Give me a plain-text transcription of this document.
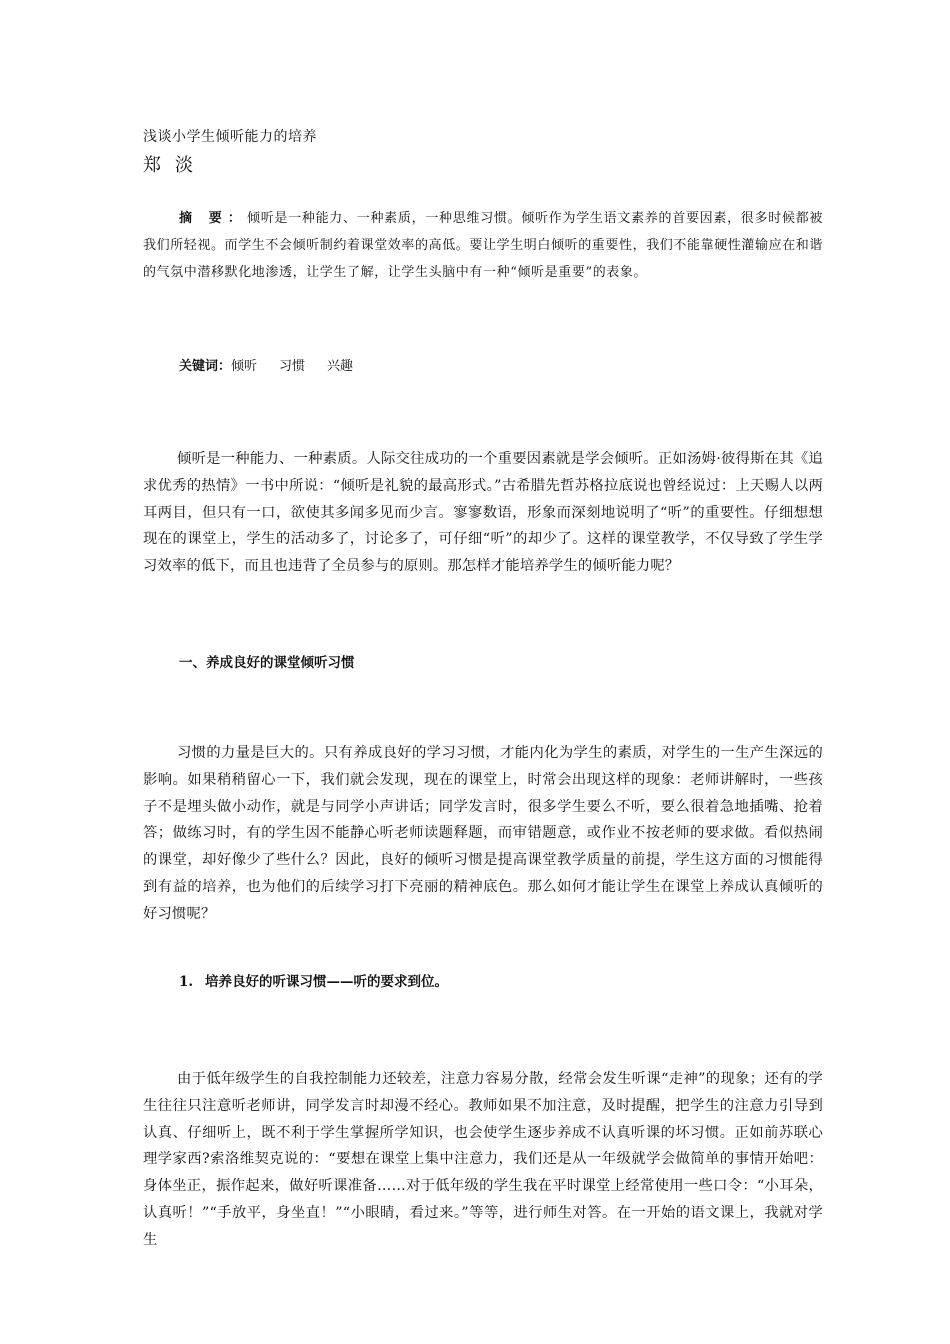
浅谈小学生倾听能力的培养
郑淡
摘 要：倾听是一种能力、一种素质，一种思维习惯。倾听作为学生语文素养的首要因素，很多时候都被我们所轻视。而学生不会倾听制约着课堂效率的高低。要让学生明白倾听的重要性，我们不能靠硬性灌输应在和谐的气氛中潜移默化地渗透，让学生了解，让学生头脑中有一种“倾听是重要”的表象。
关键词：倾听 习惯 兴趣
倾听是一种能力、一种素质。人际交往成功的一个重要因素就是学会倾听。正如汤姆·彼得斯在其《追求优秀的热情》一书中所说：“倾听是礼貌的最高形式。”古希腊先哲苏格拉底说也曾经说过：上天赐人以两耳两目，但只有一口，欲使其多闻多见而少言。寥寥数语，形象而深刻地说明了“听”的重要性。仔细想想现在的课堂上，学生的活动多了，讨论多了，可仔细“听”的却少了。这样的课堂教学，不仅导致了学生学习效率的低下，而且也违背了全员参与的原则。那怎样才能培养学生的倾听能力呢？
一、养成良好的课堂倾听习惯
习惯的力量是巨大的。只有养成良好的学习习惯，才能内化为学生的素质，对学生的一生产生深远的影响。如果稍稍留心一下，我们就会发现，现在的课堂上，时常会出现这样的现象：老师讲解时，一些孩子不是埋头做小动作，就是与同学小声讲话；同学发言时，很多学生要么不听，要么很着急地插嘴、抢着答；做练习时，有的学生因不能静心听老师读题释题，而审错题意，或作业不按老师的要求做。看似热闹的课堂，却好像少了些什么？因此，良好的倾听习惯是提高课堂教学质量的前提，学生这方面的习惯能得到有益的培养，也为他们的后续学习打下亮丽的精神底色。那么如何才能让学生在课堂上养成认真倾听的好习惯呢？
1. 培养良好的听课习惯——听的要求到位。
由于低年级学生的自我控制能力还较差，注意力容易分散，经常会发生听课“走神”的现象；还有的学生往往只注意听老师讲，同学发言时却漫不经心。教师如果不加注意，及时提醒，把学生的注意力引导到认真、仔细听上，既不利于学生掌握所学知识，也会使学生逐步养成不认真听课的坏习惯。正如前苏联心理学家西?索洛维契克说的：“要想在课堂上集中注意力，我们还是从一年级就学会做简单的事情开始吧：身体坐正，振作起来，做好听课准备……对于低年级的学生我在平时课堂上经常使用一些口令：“小耳朵，认真听！”“手放平，身坐直！”“小眼睛，看过来。”等等，进行师生对答。在一开始的语文课上，我就对学生
